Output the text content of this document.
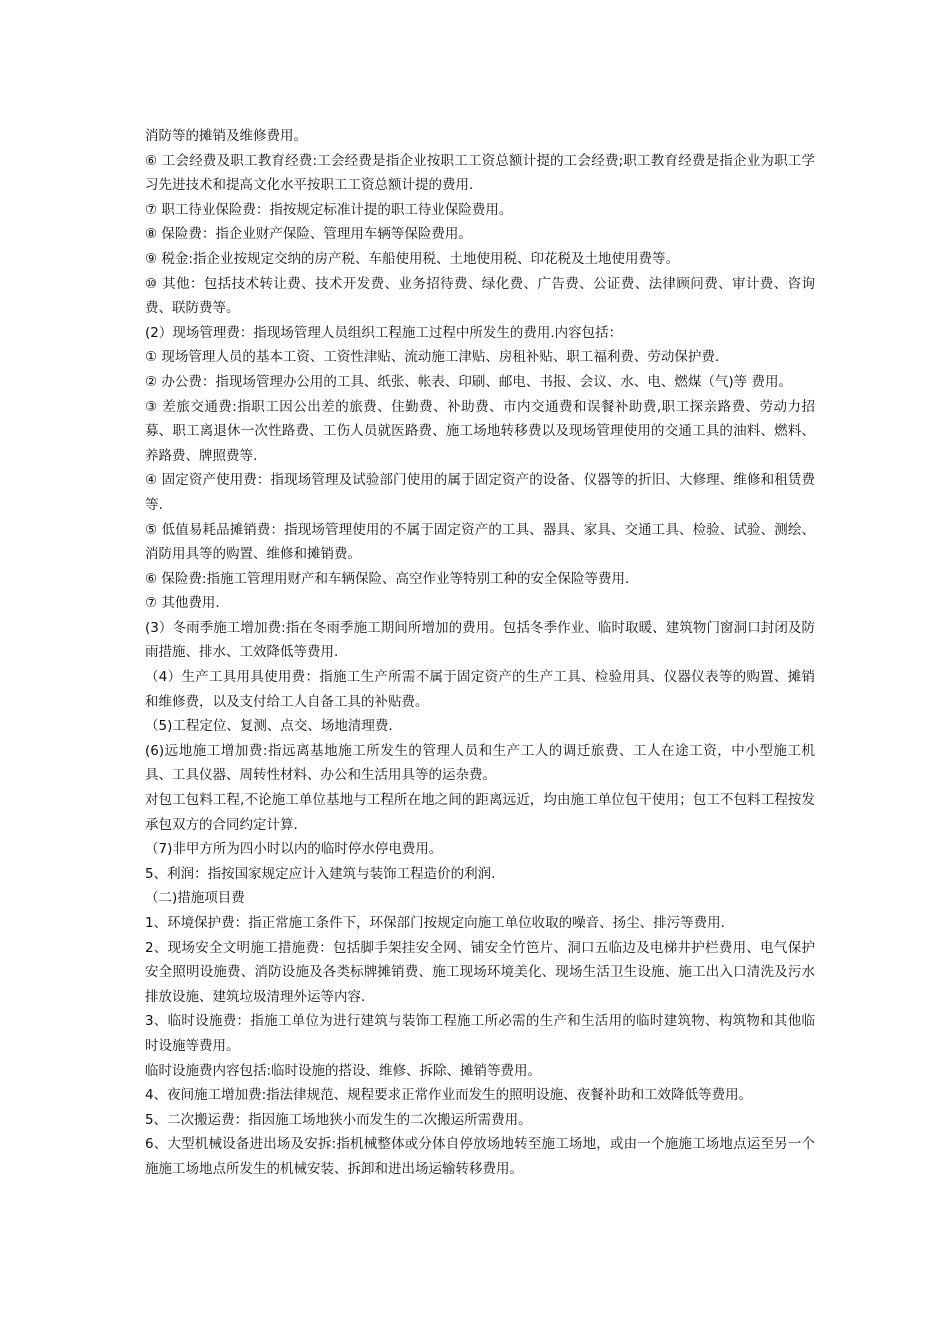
消防等的摊销及维修费用。

⑥ 工会经费及职工教育经费:工会经费是指企业按职工工资总额计提的工会经费;职工教育经费是指企业为职工学习先进技术和提高文化水平按职工工资总额计提的费用.

⑦ 职工待业保险费：指按规定标准计提的职工待业保险费用。

⑧ 保险费：指企业财产保险、管理用车辆等保险费用。

⑨ 税金:指企业按规定交纳的房产税、车船使用税、土地使用税、印花税及土地使用费等。

⑩ 其他：包括技术转让费、技术开发费、业务招待费、绿化费、广告费、公证费、法律顾问费、审计费、咨询费、联防费等。

(2）现场管理费：指现场管理人员组织工程施工过程中所发生的费用.内容包括：

① 现场管理人员的基本工资、工资性津贴、流动施工津贴、房租补贴、职工福利费、劳动保护费.

② 办公费：指现场管理办公用的工具、纸张、帐表、印刷、邮电、书报、会议、水、电、燃煤（气)等 费用。

③ 差旅交通费:指职工因公出差的旅费、住勤费、补助费、市内交通费和误餐补助费,职工探亲路费、劳动力招募、职工离退休一次性路费、工伤人员就医路费、施工场地转移费以及现场管理使用的交通工具的油料、燃料、养路费、牌照费等.

④ 固定资产使用费：指现场管理及试验部门使用的属于固定资产的设备、仪器等的折旧、大修理、维修和租赁费等.

⑤ 低值易耗品摊销费：指现场管理使用的不属于固定资产的工具、器具、家具、交通工具、检验、试验、测绘、消防用具等的购置、维修和摊销费。

⑥ 保险费:指施工管理用财产和车辆保险、高空作业等特别工种的安全保险等费用.

⑦ 其他费用.

(3）冬雨季施工增加费:指在冬雨季施工期间所增加的费用。包括冬季作业、临时取暖、建筑物门窗洞口封闭及防雨措施、排水、工效降低等费用.

（4）生产工具用具使用费：指施工生产所需不属于固定资产的生产工具、检验用具、仪器仪表等的购置、摊销和维修费，以及支付给工人自备工具的补贴费。

（5)工程定位、复测、点交、场地清理费.

(6)远地施工增加费:指远离基地施工所发生的管理人员和生产工人的调迁旅费、工人在途工资，中小型施工机具、工具仪器、周转性材料、办公和生活用具等的运杂费。

对包工包料工程,不论施工单位基地与工程所在地之间的距离远近，均由施工单位包干使用；包工不包料工程按发承包双方的合同约定计算.

（7)非甲方所为四小时以内的临时停水停电费用。

5、利润：指按国家规定应计入建筑与装饰工程造价的利润.

（二)措施项目费

1、环境保护费：指正常施工条件下，环保部门按规定向施工单位收取的噪音、扬尘、排污等费用.

2、现场安全文明施工措施费：包括脚手架挂安全网、铺安全竹笆片、洞口五临边及电梯井护栏费用、电气保护安全照明设施费、消防设施及各类标牌摊销费、施工现场环境美化、现场生活卫生设施、施工出入口清洗及污水排放设施、建筑垃圾清理外运等内容.

3、临时设施费：指施工单位为进行建筑与装饰工程施工所必需的生产和生活用的临时建筑物、构筑物和其他临时设施等费用。

临时设施费内容包括:临时设施的搭设、维修、拆除、摊销等费用。

4、夜间施工增加费:指法律规范、规程要求正常作业而发生的照明设施、夜餐补助和工效降低等费用。

5、二次搬运费：指因施工场地狭小而发生的二次搬运所需费用。

6、大型机械设备进出场及安拆:指机械整体或分体自停放场地转至施工场地，或由一个施施工场地点运至另一个施施工场地点所发生的机械安装、拆卸和进出场运输转移费用。
